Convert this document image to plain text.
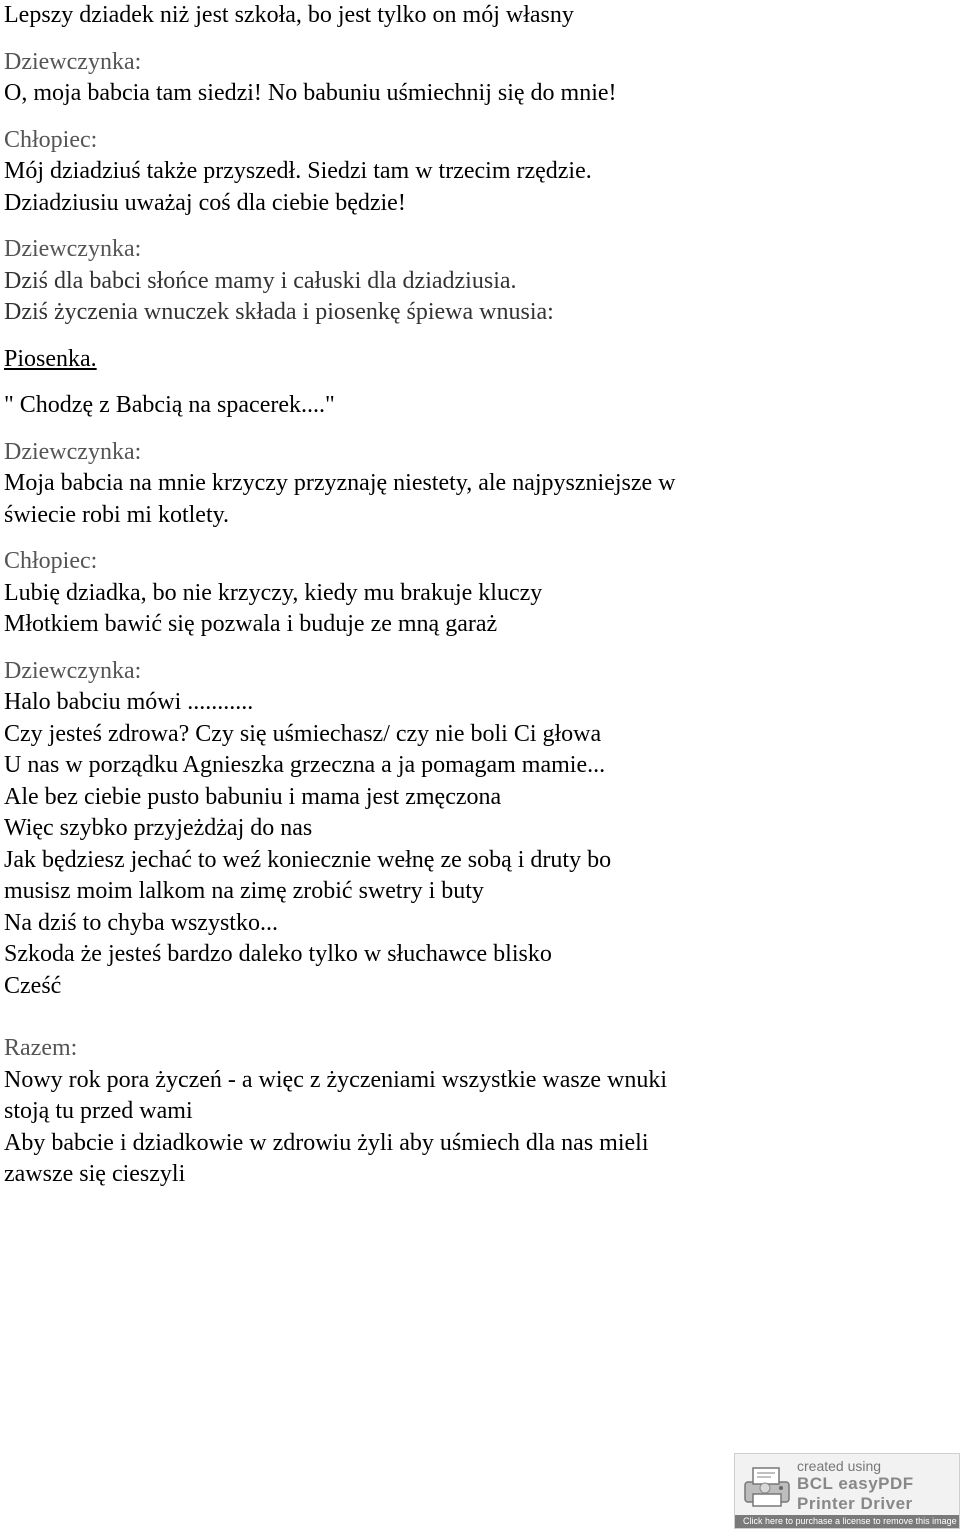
Lepszy dziadek niż jest szkoła, bo jest tylko on mój własny
Dziewczynka:
O, moja babcia tam siedzi! No babuniu uśmiechnij się do mnie!
Chłopiec:
Mój dziadziuś także przyszedł. Siedzi tam w trzecim rzędzie.
Dziadziusiu uważaj coś dla ciebie będzie!
Dziewczynka:
Dziś dla babci słońce mamy i całuski dla dziadziusia.
Dziś życzenia wnuczek składa i piosenkę śpiewa wnusia:
Piosenka.
" Chodzę z Babcią na spacerek...."
Dziewczynka:
Moja babcia na mnie krzyczy przyznaję niestety, ale najpyszniejsze w
świecie robi mi kotlety.
Chłopiec:
Lubię dziadka, bo nie krzyczy, kiedy mu brakuje kluczy
Młotkiem bawić się pozwala i buduje ze mną garaż
Dziewczynka:
Halo babciu mówi ...........
Czy jesteś zdrowa? Czy się uśmiechasz/ czy nie boli Ci głowa
U nas w porządku Agnieszka grzeczna a ja pomagam mamie...
Ale bez ciebie pusto babuniu i mama jest zmęczona
Więc szybko przyjeżdżaj do nas
Jak będziesz jechać to weź koniecznie wełnę ze sobą i druty bo
musisz moim lalkom na zimę zrobić swetry i buty
Na dziś to chyba wszystko...
Szkoda że jesteś bardzo daleko tylko w słuchawce blisko
Cześć
Razem:
Nowy rok pora życzeń - a więc z życzeniami wszystkie wasze wnuki
stoją tu przed wami
Aby babcie i dziadkowie w zdrowiu żyli aby uśmiech dla nas mieli
zawsze się cieszyli
created using
BCL easyPDF
Printer Driver
Click here to purchase a license to remove this image
